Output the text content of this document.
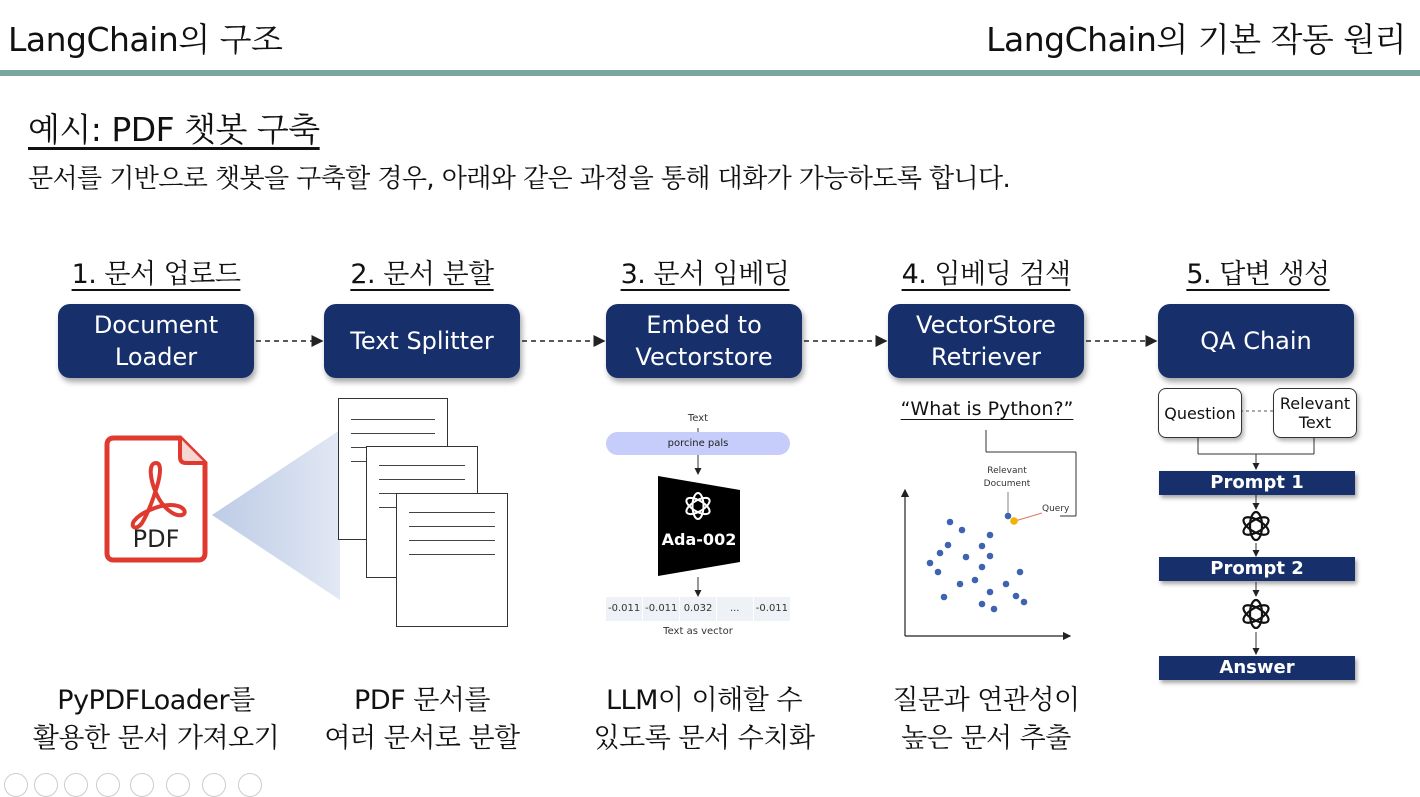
LangChain의 구조	LangChain의 기본 작동 원리
예시: PDF 챗봇 구축
문서를 기반으로 챗봇을 구축할 경우, 아래와 같은 과정을 통해 대화가 가능하도록 합니다.
1. 문서 업로드	2. 문서 분할	3. 문서 임베딩	4. 임베딩 검색	5. 답변 생성
Document
Loader
Text Splitter
Embed to
Vectorstore
VectorStore
Retriever
QA Chain
PDF
Text
porcine pals
Ada-002
-0.011 -0.011 0.032	...	-0.011
Text as vector
“What is Python?”
Relevant
Document
Query
Question	Relevant
Text
Prompt 1
Prompt 2
Answer
PyPDFLoader를
활용한 문서 가져오기
PDF 문서를
여러 문서로 분할
LLM이 이해할 수
있도록 문서 수치화
질문과 연관성이
높은 문서 추출
